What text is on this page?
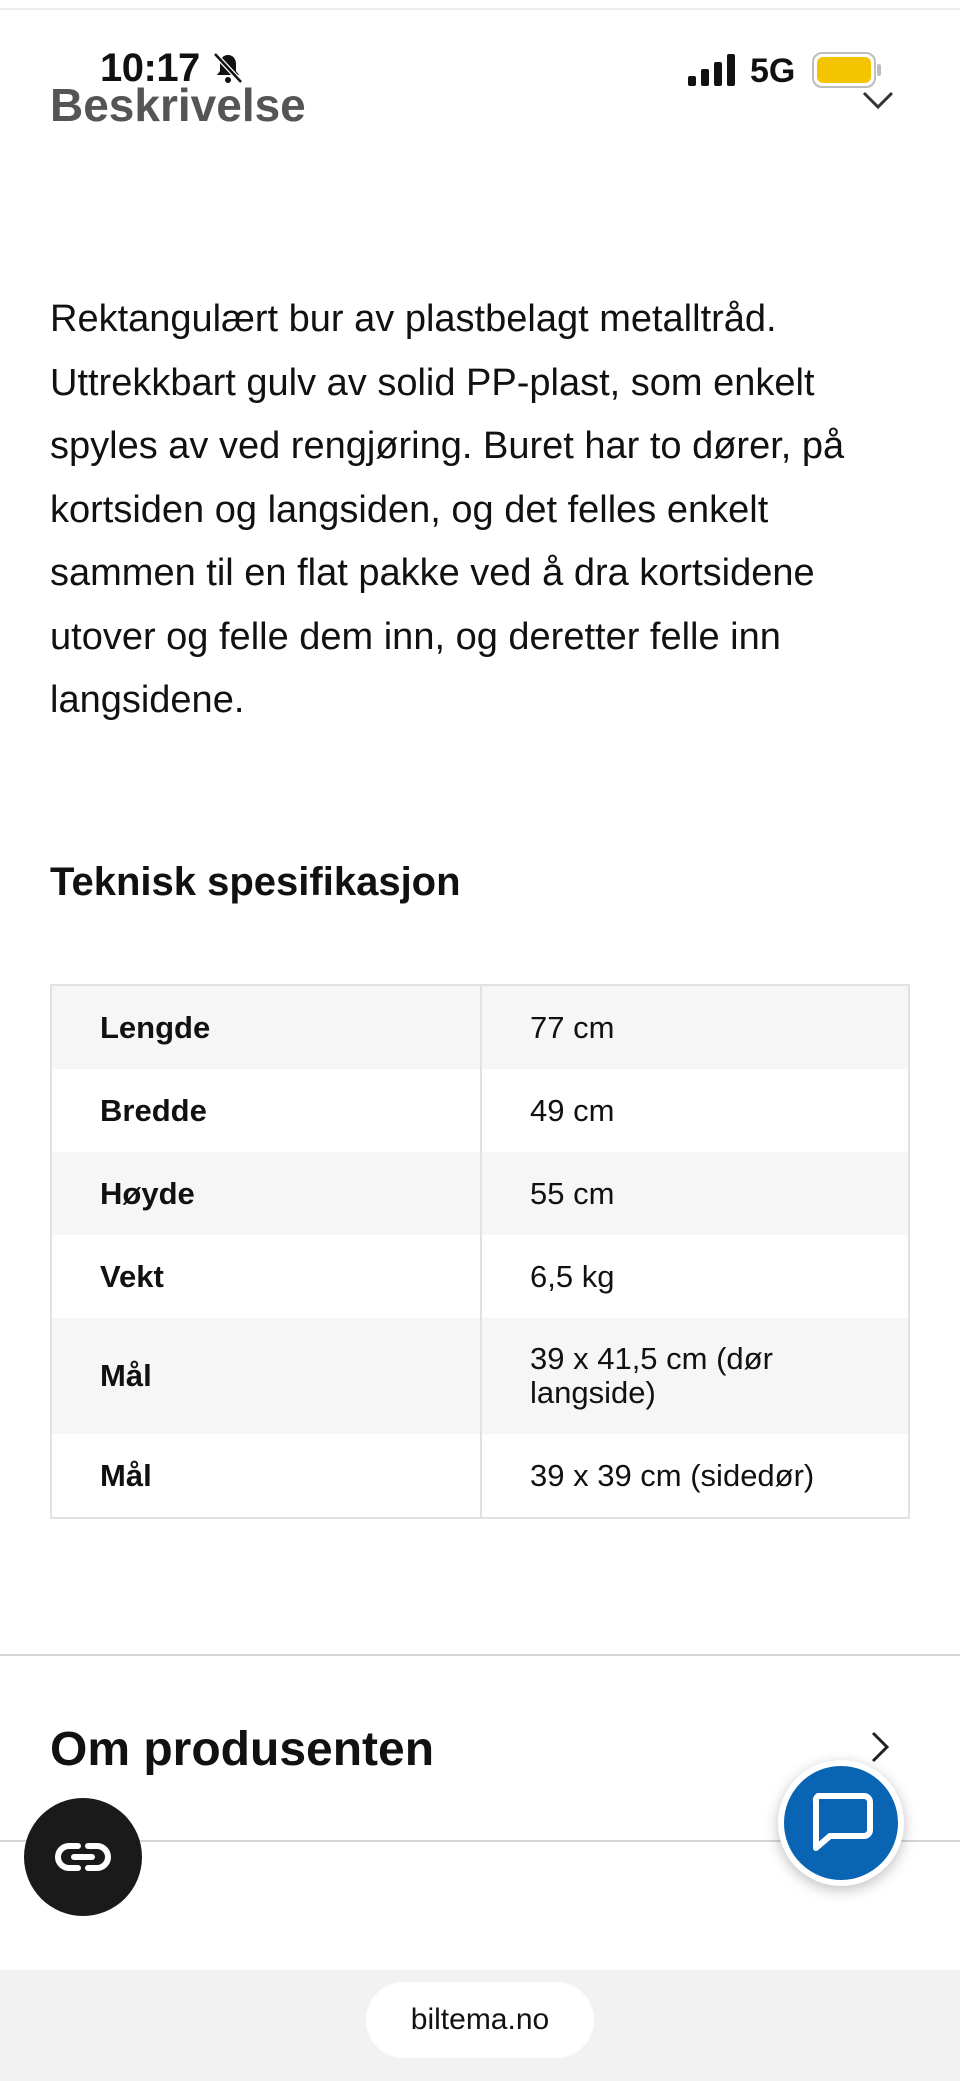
10:17	5G
Beskrivelse

Rektangulært bur av plastbelagt metalltråd. Uttrekkbart gulv av solid PP-plast, som enkelt spyles av ved rengjøring. Buret har to dører, på kortsiden og langsiden, og det felles enkelt sammen til en flat pakke ved å dra kortsidene utover og felle dem inn, og deretter felle inn langsidene.

Teknisk spesifikasjon
Lengde	77 cm
Bredde	49 cm
Høyde	55 cm
Vekt	6,5 kg
Mål	39 x 41,5 cm (dør langside)
Mål	39 x 39 cm (sidedør)
Om produsenten
biltema.no
